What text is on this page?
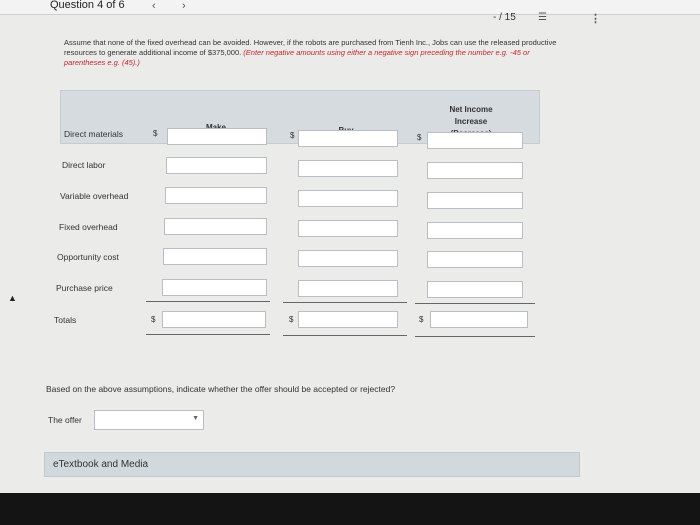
Question 4 of 6 ‹ ›
- / 15 ☰	⋮
Assume that none of the fixed overhead can be avoided. However, if the robots are purchased from Tienh Inc., Jobs can use the released productive resources to generate additional income of $375,000. (Enter negative amounts using either a negative sign preceding the number e.g. -45 or parentheses e.g. (45).)
Net Income
Increase
Direct materials	$	$	$
Direct labor
Variable overhead
Fixed overhead
Opportunity cost
Purchase price
Totals	$	$	$
Based on the above assumptions, indicate whether the offer should be accepted or rejected?
The offer	▼
eTextbook and Media
▲
